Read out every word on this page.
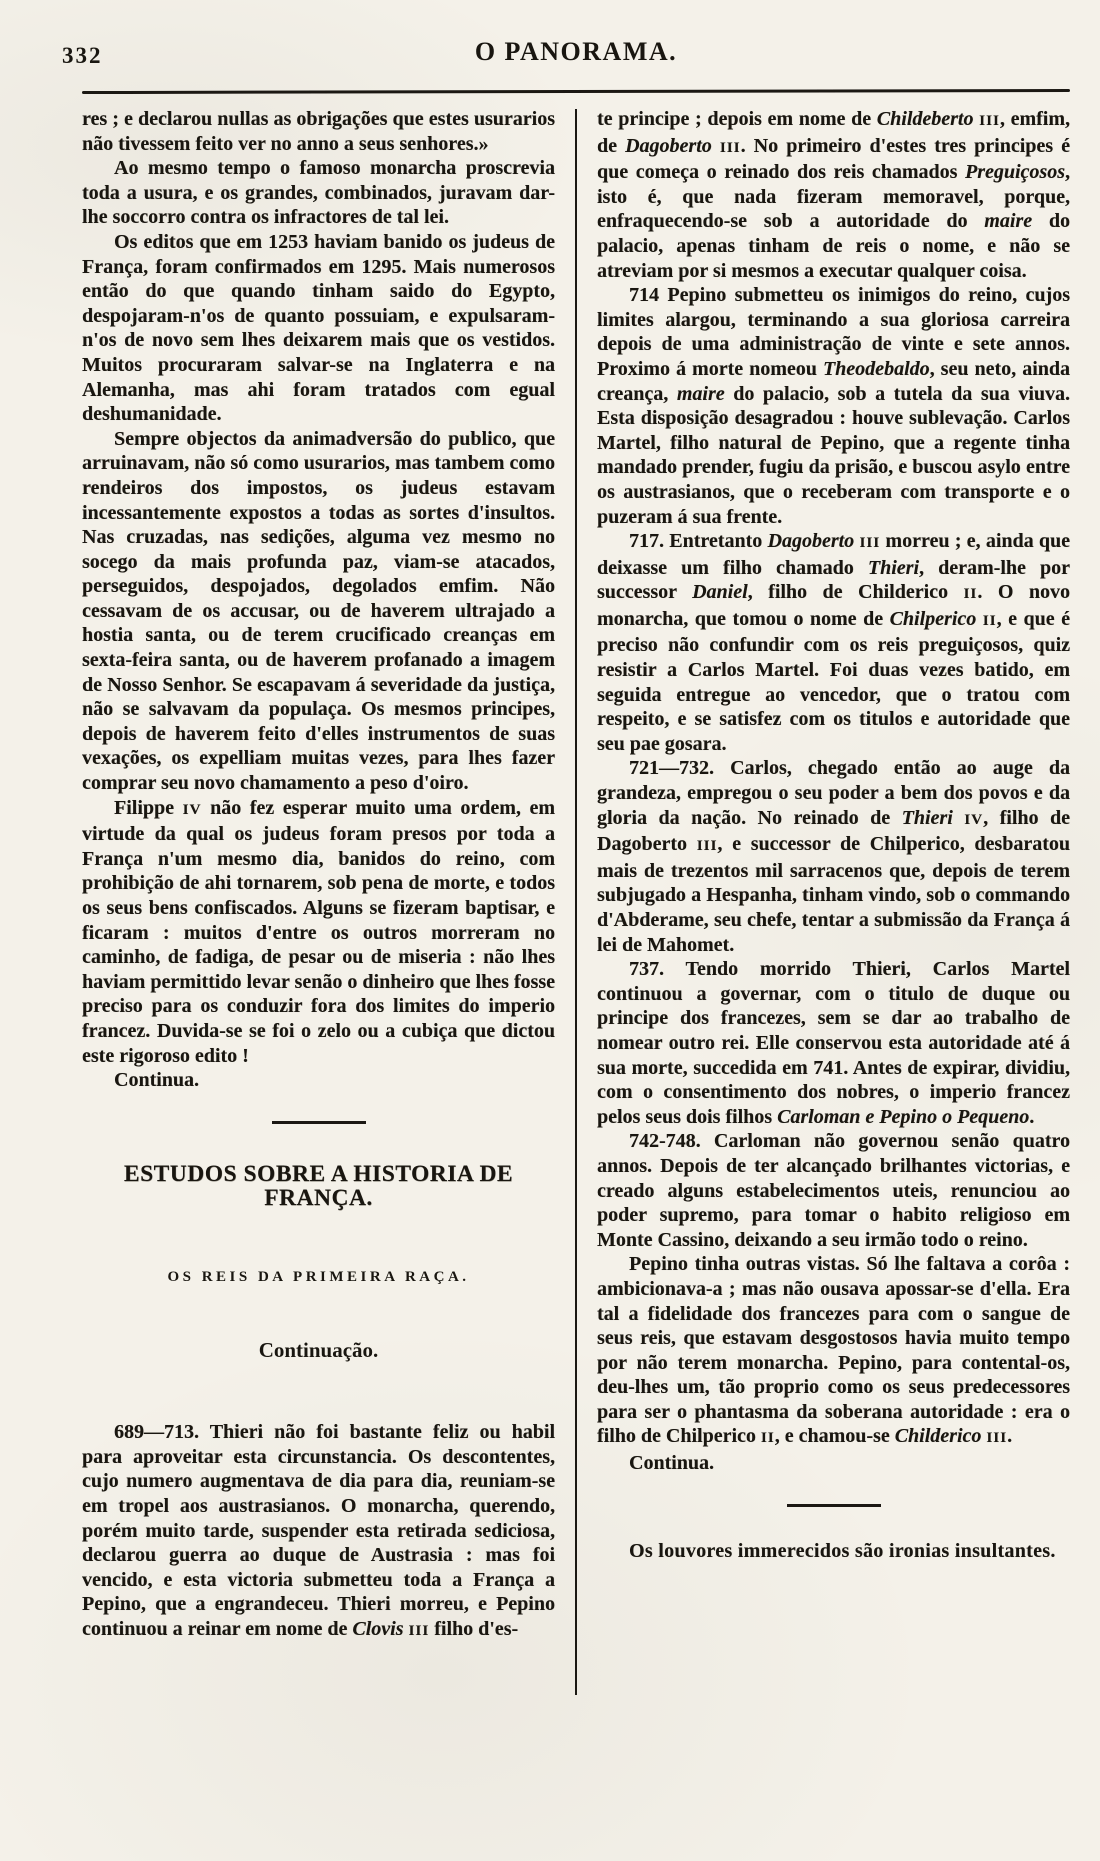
332	O PANORAMA.

res ; e declarou nullas as obrigações que estes usurarios não tivessem feito ver no anno a seus senhores.»

Ao mesmo tempo o famoso monarcha proscrevia toda a usura, e os grandes, combinados, juravam dar-lhe soccorro contra os infractores de tal lei.

Os editos que em 1253 haviam banido os judeus de França, foram confirmados em 1295. Mais numerosos então do que quando tinham saido do Egypto, despojaram-n'os de quanto possuiam, e expulsaram-n'os de novo sem lhes deixarem mais que os vestidos. Muitos procuraram salvar-se na Inglaterra e na Alemanha, mas ahi foram tratados com egual deshumanidade.

Sempre objectos da animadversão do publico, que arruinavam, não só como usurarios, mas tambem como rendeiros dos impostos, os judeus estavam incessantemente expostos a todas as sortes d'insultos. Nas cruzadas, nas sedições, alguma vez mesmo no socego da mais profunda paz, viam-se atacados, perseguidos, despojados, degolados emfim. Não cessavam de os accusar, ou de haverem ultrajado a hostia santa, ou de terem crucificado creanças em sexta-feira santa, ou de haverem profanado a imagem de Nosso Senhor. Se escapavam á severidade da justiça, não se salvavam da populaça. Os mesmos principes, depois de haverem feito d'elles instrumentos de suas vexações, os expelliam muitas vezes, para lhes fazer comprar seu novo chamamento a peso d'oiro.

Filippe IV não fez esperar muito uma ordem, em virtude da qual os judeus foram presos por toda a França n'um mesmo dia, banidos do reino, com prohibição de ahi tornarem, sob pena de morte, e todos os seus bens confiscados. Alguns se fizeram baptisar, e ficaram : muitos d'entre os outros morreram no caminho, de fadiga, de pesar ou de miseria : não lhes haviam permittido levar senão o dinheiro que lhes fosse preciso para os conduzir fora dos limites do imperio francez. Duvida-se se foi o zelo ou a cubiça que dictou este rigoroso edito !

Continua.

ESTUDOS SOBRE A HISTORIA DE FRANÇA.
OS REIS DA PRIMEIRA RAÇA.
Continuação.

689—713. Thieri não foi bastante feliz ou habil para aproveitar esta circunstancia. Os descontentes, cujo numero augmentava de dia para dia, reuniam-se em tropel aos austrasianos. O monarcha, querendo, porém muito tarde, suspender esta retirada sediciosa, declarou guerra ao duque de Austrasia : mas foi vencido, e esta victoria submetteu toda a França a Pepino, que a engrandeceu. Thieri morreu, e Pepino continuou a reinar em nome de Clovis III filho d'es-

te principe ; depois em nome de Childeberto III, emfim, de Dagoberto III. No primeiro d'estes tres principes é que começa o reinado dos reis chamados Preguiçosos, isto é, que nada fizeram memoravel, porque, enfraquecendo-se sob a autoridade do maire do palacio, apenas tinham de reis o nome, e não se atreviam por si mesmos a executar qualquer coisa.

714 Pepino submetteu os inimigos do reino, cujos limites alargou, terminando a sua gloriosa carreira depois de uma administração de vinte e sete annos. Proximo á morte nomeou Theodebaldo, seu neto, ainda creança, maire do palacio, sob a tutela da sua viuva. Esta disposição desagradou : houve sublevação. Carlos Martel, filho natural de Pepino, que a regente tinha mandado prender, fugiu da prisão, e buscou asylo entre os austrasianos, que o receberam com transporte e o puzeram á sua frente.

717. Entretanto Dagoberto III morreu ; e, ainda que deixasse um filho chamado Thieri, deram-lhe por successor Daniel, filho de Childerico II. O novo monarcha, que tomou o nome de Chilperico II, e que é preciso não confundir com os reis preguiçosos, quiz resistir a Carlos Martel. Foi duas vezes batido, em seguida entregue ao vencedor, que o tratou com respeito, e se satisfez com os titulos e autoridade que seu pae gosara.

721—732. Carlos, chegado então ao auge da grandeza, empregou o seu poder a bem dos povos e da gloria da nação. No reinado de Thieri IV, filho de Dagoberto III, e successor de Chilperico, desbaratou mais de trezentos mil sarracenos que, depois de terem subjugado a Hespanha, tinham vindo, sob o commando d'Abderame, seu chefe, tentar a submissão da França á lei de Mahomet.

737. Tendo morrido Thieri, Carlos Martel continuou a governar, com o titulo de duque ou principe dos francezes, sem se dar ao trabalho de nomear outro rei. Elle conservou esta autoridade até á sua morte, succedida em 741. Antes de expirar, dividiu, com o consentimento dos nobres, o imperio francez pelos seus dois filhos Carloman e Pepino o Pequeno.

742-748. Carloman não governou senão quatro annos. Depois de ter alcançado brilhantes victorias, e creado alguns estabelecimentos uteis, renunciou ao poder supremo, para tomar o habito religioso em Monte Cassino, deixando a seu irmão todo o reino.

Pepino tinha outras vistas. Só lhe faltava a corôa : ambicionava-a ; mas não ousava apossar-se d'ella. Era tal a fidelidade dos francezes para com o sangue de seus reis, que estavam desgostosos havia muito tempo por não terem monarcha. Pepino, para contental-os, deu-lhes um, tão proprio como os seus predecessores para ser o phantasma da soberana autoridade : era o filho de Chilperico II, e chamou-se Childerico III.

Continua.

Os louvores immerecidos são ironias insultantes.
